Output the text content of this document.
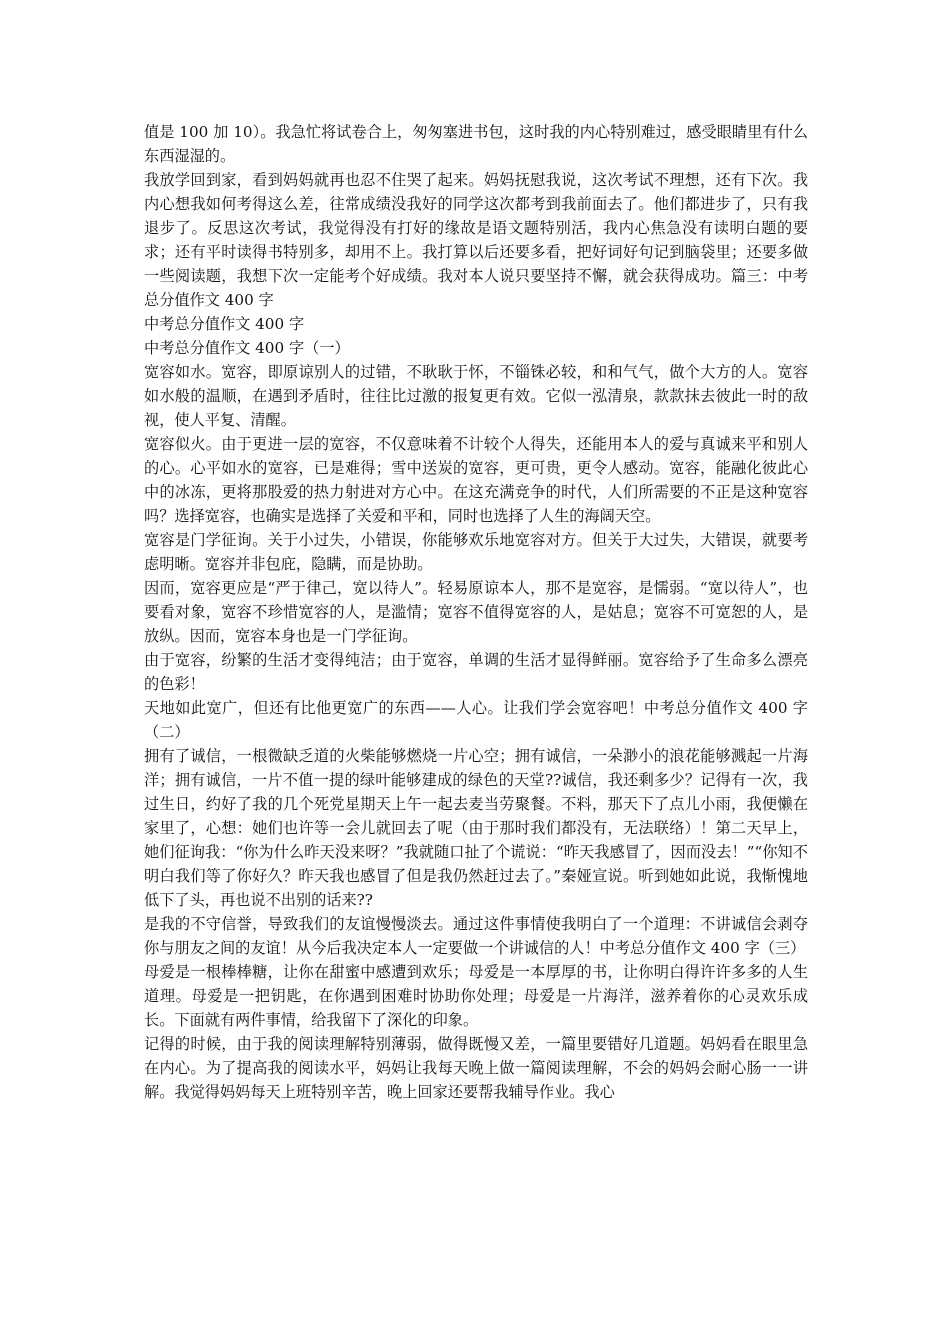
值是 100 加 10）。我急忙将试卷合上，匆匆塞进书包，这时我的内心特别难过，感受眼睛里有什么东西湿湿的。

我放学回到家，看到妈妈就再也忍不住哭了起来。妈妈抚慰我说，这次考试不理想，还有下次。我内心想我如何考得这么差，往常成绩没我好的同学这次都考到我前面去了。他们都进步了，只有我退步了。反思这次考试，我觉得没有打好的缘故是语文题特别活，我内心焦急没有读明白题的要求；还有平时读得书特别多，却用不上。我打算以后还要多看，把好词好句记到脑袋里；还要多做一些阅读题，我想下次一定能考个好成绩。我对本人说只要坚持不懈，就会获得成功。篇三：中考总分值作文 400 字

中考总分值作文 400 字

中考总分值作文 400 字（一）

宽容如水。宽容，即原谅别人的过错，不耿耿于怀，不锱铢必较，和和气气，做个大方的人。宽容如水般的温顺，在遇到矛盾时，往往比过激的报复更有效。它似一泓清泉，款款抹去彼此一时的敌视，使人平复、清醒。

宽容似火。由于更进一层的宽容，不仅意味着不计较个人得失，还能用本人的爱与真诚来平和别人的心。心平如水的宽容，已是难得；雪中送炭的宽容，更可贵，更令人感动。宽容，能融化彼此心中的冰冻，更将那股爱的热力射进对方心中。在这充满竞争的时代，人们所需要的不正是这种宽容吗？选择宽容，也确实是选择了关爱和平和，同时也选择了人生的海阔天空。

宽容是门学征询。关于小过失，小错误，你能够欢乐地宽容对方。但关于大过失，大错误，就要考虑明晰。宽容并非包庇，隐瞒，而是协助。

因而，宽容更应是“严于律己，宽以待人”。轻易原谅本人，那不是宽容，是懦弱。“宽以待人”，也要看对象，宽容不珍惜宽容的人，是滥情；宽容不值得宽容的人，是姑息；宽容不可宽恕的人，是放纵。因而，宽容本身也是一门学征询。

由于宽容，纷繁的生活才变得纯洁；由于宽容，单调的生活才显得鲜丽。宽容给予了生命多么漂亮的色彩！

天地如此宽广，但还有比他更宽广的东西——人心。让我们学会宽容吧！中考总分值作文 400 字（二）

拥有了诚信，一根微缺乏道的火柴能够燃烧一片心空；拥有诚信，一朵渺小的浪花能够溅起一片海洋；拥有诚信，一片不值一提的绿叶能够建成的绿色的天堂??诚信，我还剩多少？记得有一次，我过生日，约好了我的几个死党星期天上午一起去麦当劳聚餐。不料，那天下了点儿小雨，我便懒在家里了，心想：她们也许等一会儿就回去了呢（由于那时我们都没有，无法联络）！第二天早上，她们征询我：“你为什么昨天没来呀？”我就随口扯了个谎说：“昨天我感冒了，因而没去！”“你知不明白我们等了你好久？昨天我也感冒了但是我仍然赶过去了。”秦娅宣说。听到她如此说，我惭愧地低下了头，再也说不出别的话来??

是我的不守信誉，导致我们的友谊慢慢淡去。通过这件事情使我明白了一个道理：不讲诚信会剥夺你与朋友之间的友谊！从今后我决定本人一定要做一个讲诚信的人！中考总分值作文 400 字（三）

母爱是一根棒棒糖，让你在甜蜜中感遭到欢乐；母爱是一本厚厚的书，让你明白得许许多多的人生道理。母爱是一把钥匙，在你遇到困难时协助你处理；母爱是一片海洋，滋养着你的心灵欢乐成长。下面就有两件事情，给我留下了深化的印象。

记得的时候，由于我的阅读理解特别薄弱，做得既慢又差，一篇里要错好几道题。妈妈看在眼里急在内心。为了提高我的阅读水平，妈妈让我每天晚上做一篇阅读理解，不会的妈妈会耐心肠一一讲解。我觉得妈妈每天上班特别辛苦，晚上回家还要帮我辅导作业。我心
